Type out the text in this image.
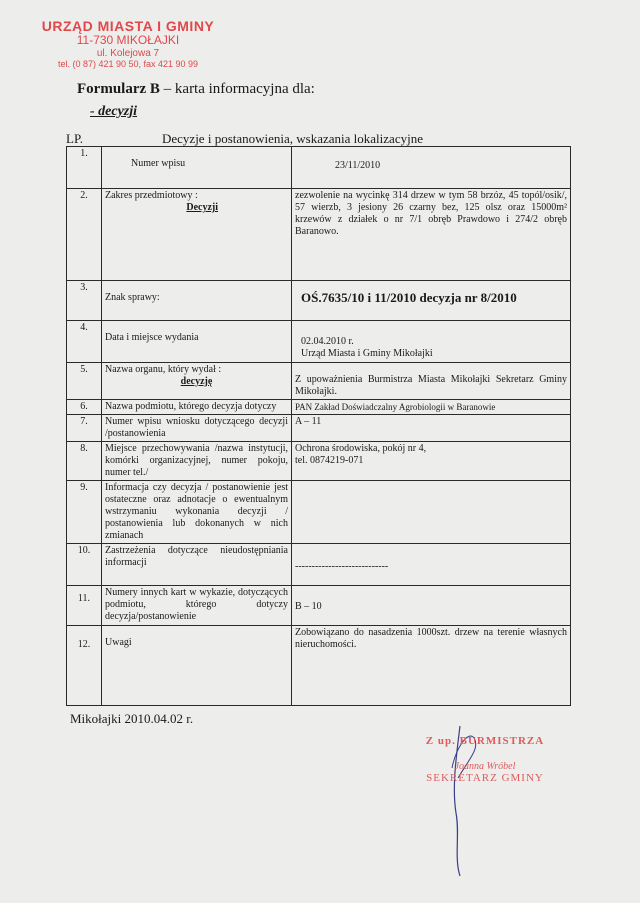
URZĄD MIASTA I GMINY
11-730 MIKOŁAJKI
ul. Kolejowa 7
tel. (0 87) 421 90 50, fax 421 90 99
Formularz B – karta informacyjna dla:
- decyzji
LP.	Decyzje i postanowienia, wskazania lokalizacyjne
1.	Numer wpisu	23/11/2010

2.	Zakres przedmiotowy :
Decyzji	zezwolenie na wycinkę 314 drzew w tym 58 brzóz, 45 topól/osik/, 57 wierzb, 3 jesiony 26 czarny bez, 125 olsz oraz 15000m² krzewów z działek o nr 7/1 obręb Prawdowo i 274/2 obręb Baranowo.
3.	Znak sprawy:	OŚ.7635/10 i 11/2010 decyzja nr 8/2010

4.	Data i miejsce wydania	02.04.2010 r.
Urząd Miasta i Gminy Mikołajki

5.	Nazwa organu, który wydał :
decyzję	Z upoważnienia Burmistrza Miasta Mikołajki Sekretarz Gminy Mikołajki.

6.	Nazwa podmiotu, którego decyzja dotyczy	PAN Zakład Doświadczalny Agrobiologii w Baranowie
7.	Numer wpisu wniosku dotyczącego decyzji /postanowienia	A – 11
8.	Miejsce przechowywania /nazwa instytucji, komórki organizacyjnej, numer pokoju, numer tel./	Ochrona środowiska, pokój nr 4,
tel. 0874219-071

9.	Informacja czy decyzja / postanowienie jest ostateczne oraz adnotacje o ewentualnym wstrzymaniu wykonania decyzji / postanowienia lub dokonanych w nich zmianach	
10.	Zastrzeżenia dotyczące nieudostępniania informacji	----------------------------

11.	Numery innych kart w wykazie, dotyczących podmiotu, którego dotyczy decyzja/postanowienie	B – 10

12.	Uwagi	Zobowiązano do nasadzenia 1000szt. drzew na terenie własnych nieruchomości.
Mikołajki 2010.04.02 r.
Z up. BURMISTRZA
Joanna Wróbel
SEKRETARZ GMINY
